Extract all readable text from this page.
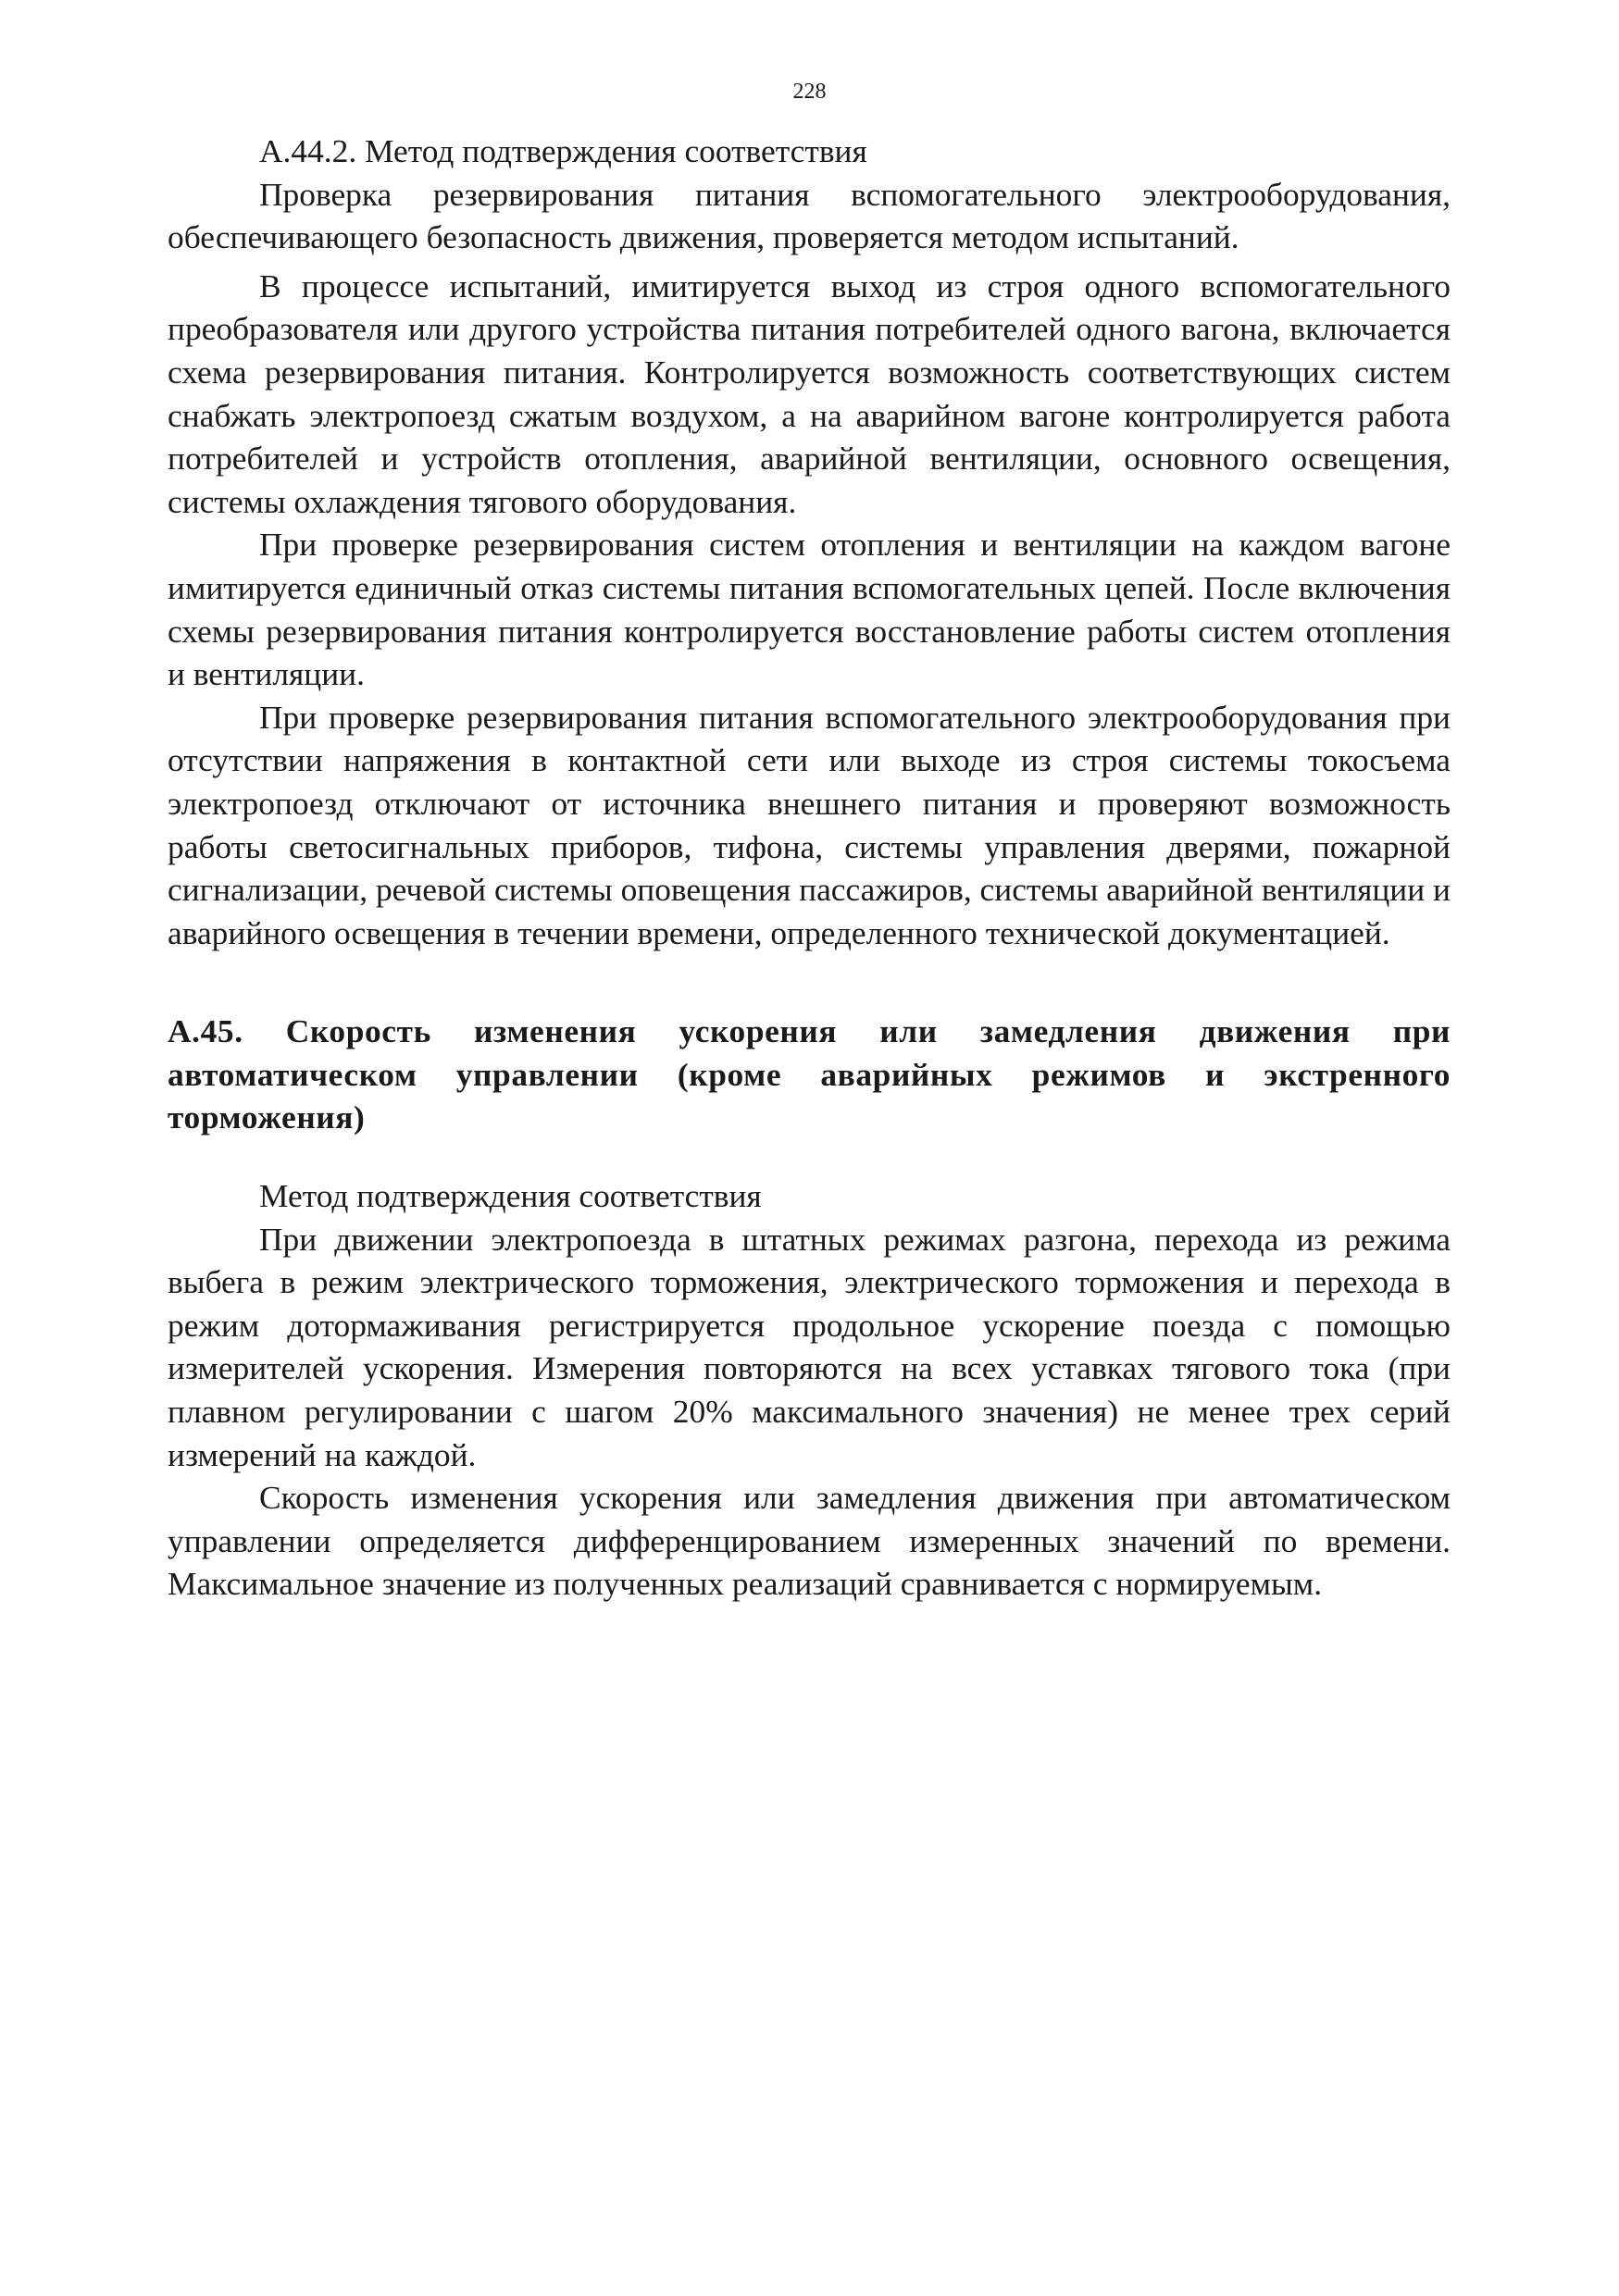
228

А.44.2. Метод подтверждения соответствия

Проверка резервирования питания вспомогательного электрооборудования, обеспечивающего безопасность движения, проверяется методом испытаний.

В процессе испытаний, имитируется выход из строя одного вспомогательного преобразователя или другого устройства питания потребителей одного вагона, включается схема резервирования питания. Контролируется возможность соответствующих систем снабжать электропоезд сжатым воздухом, а на аварийном вагоне контролируется работа потребителей и устройств отопления, аварийной вентиляции, основного освещения, системы охлаждения тягового оборудования.

При проверке резервирования систем отопления и вентиляции на каждом вагоне имитируется единичный отказ системы питания вспомогательных цепей. После включения схемы резервирования питания контролируется восстановление работы систем отопления и вентиляции.

При проверке резервирования питания вспомогательного электрооборудования при отсутствии напряжения в контактной сети или выходе из строя системы токосъема электропоезд отключают от источника внешнего питания и проверяют возможность работы светосигнальных приборов, тифона, системы управления дверями, пожарной сигнализации, речевой системы оповещения пассажиров, системы аварийной вентиляции и аварийного освещения в течении времени, определенного технической документацией.

А.45. Скорость изменения ускорения или замедления движения при автоматическом управлении (кроме аварийных режимов и экстренного торможения)

Метод подтверждения соответствия

При движении электропоезда в штатных режимах разгона, перехода из режима выбега в режим электрического торможения, электрического торможения и перехода в режим дотормаживания регистрируется продольное ускорение поезда с помощью измерителей ускорения. Измерения повторяются на всех уставках тягового тока (при плавном регулировании с шагом 20% максимального значения) не менее трех серий измерений на каждой.

Скорость изменения ускорения или замедления движения при автоматическом управлении определяется дифференцированием измеренных значений по времени. Максимальное значение из полученных реализаций сравнивается с нормируемым.
